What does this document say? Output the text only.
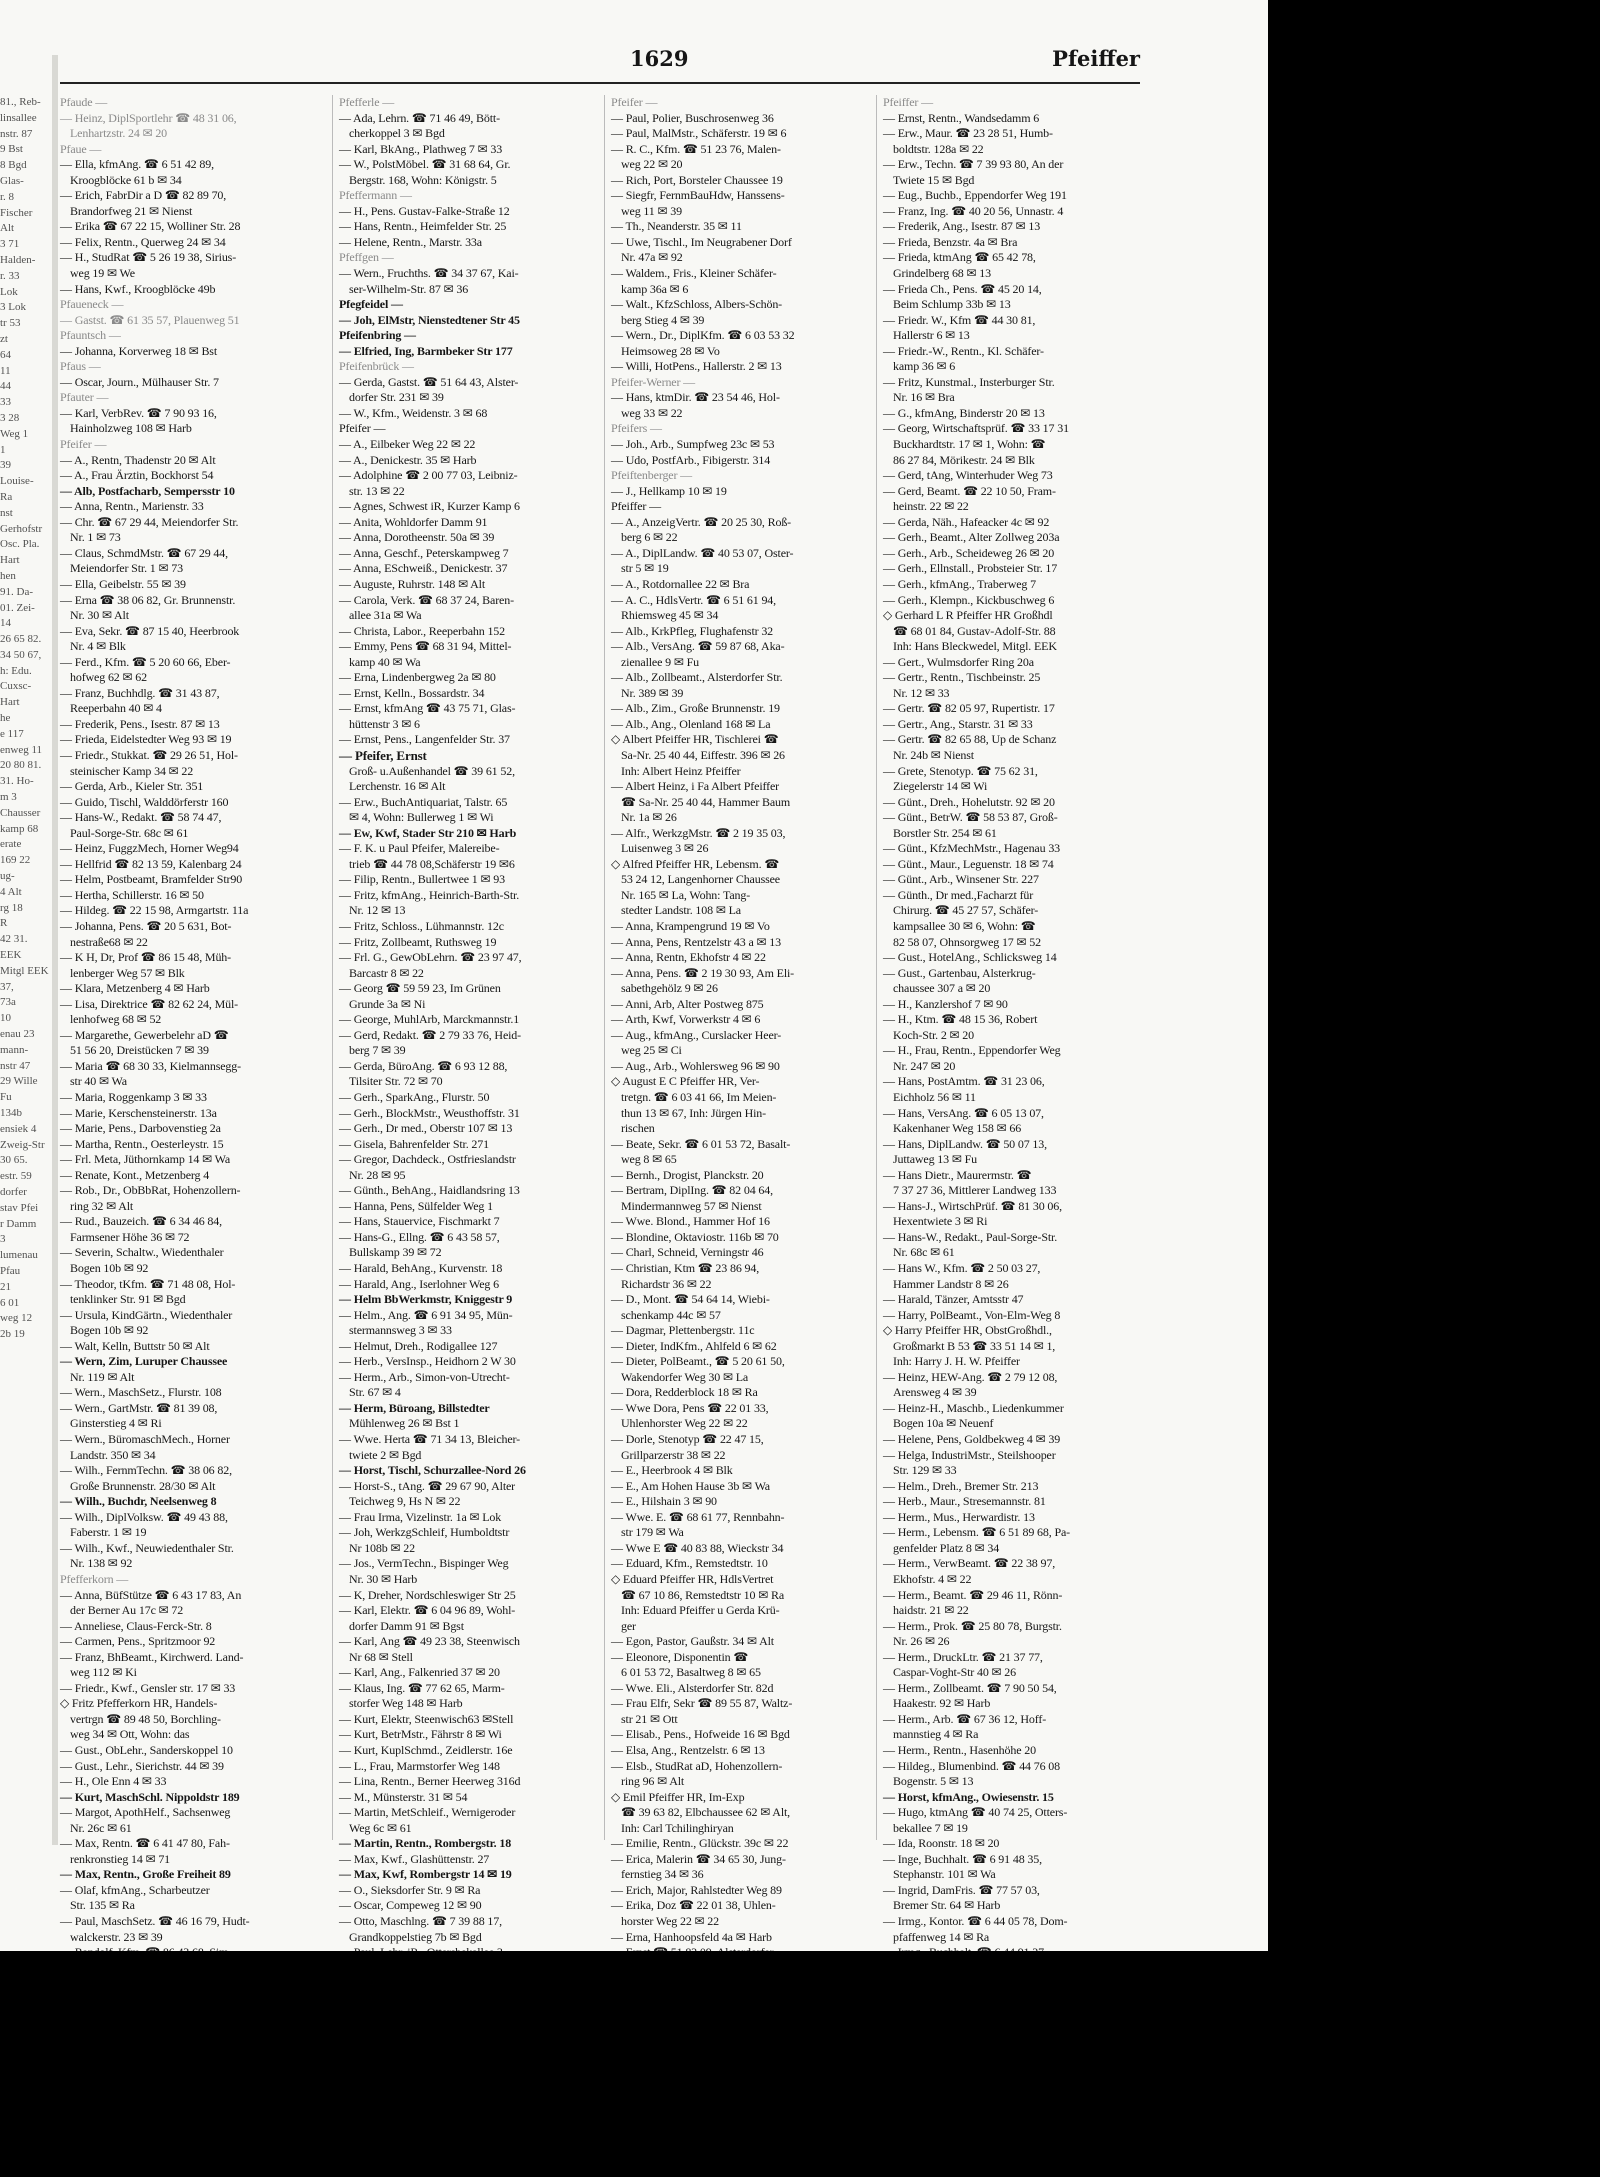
81., Reb-
linsallee
nstr. 87
9 Bst
8 Bgd
Glas-
r. 8
Fischer
Alt
3 71
Halden-
r. 33
Lok
3 Lok
tr 53
zt
64
11
44
33
3 28
Weg 1
1
39
Louise-
Ra
nst
Gerhofstr
Osc. Pla.
Hart
hen
91. Da-
01. Zei-
14
26 65 82.
34 50 67,
h: Edu.
Cuxsc-
Hart
he
e 117
enweg 11
20 80 81.
31. Ho-
m 3
Chausser
kamp 68
erate
169 22
ug-
4 Alt
rg 18
R
42 31.
EEK
Mitgl EEK
37,
73a
10
enau 23
mann-
nstr 47
29 Wille
Fu
134b
ensiek 4
Zweig-Str
30 65.
estr. 59
dorfer
stav Pfei
r Damm
3
lumenau
Pfau
21
6 01
weg 12
2b 19
1629	Pfeiffer
Pfaude —
— Heinz, DiplSportlehr ☎ 48 31 06,
Lenhartzstr. 24 ✉ 20
Pfaue —
— Ella, kfmAng. ☎ 6 51 42 89,
Kroogblöcke 61 b ✉ 34
— Erich, FabrDir a D ☎ 82 89 70,
Brandorfweg 21 ✉ Nienst
— Erika ☎ 67 22 15, Wolliner Str. 28
— Felix, Rentn., Querweg 24 ✉ 34
— H., StudRat ☎ 5 26 19 38, Sirius-
weg 19 ✉ We
— Hans, Kwf., Kroogblöcke 49b
Pfaueneck —
— Gastst. ☎ 61 35 57, Plauenweg 51
Pfauntsch —
— Johanna, Korverweg 18 ✉ Bst
Pfaus —
— Oscar, Journ., Mülhauser Str. 7
Pfauter —
— Karl, VerbRev. ☎ 7 90 93 16,
Hainholzweg 108 ✉ Harb
Pfeifer —
— A., Rentn, Thadenstr 20 ✉ Alt
— A., Frau Ärztin, Bockhorst 54
— Alb, Postfacharb, Sempersstr 10
— Anna, Rentn., Marienstr. 33
— Chr. ☎ 67 29 44, Meiendorfer Str.
Nr. 1 ✉ 73
— Claus, SchmdMstr. ☎ 67 29 44,
Meiendorfer Str. 1 ✉ 73
— Ella, Geibelstr. 55 ✉ 39
— Erna ☎ 38 06 82, Gr. Brunnenstr.
Nr. 30 ✉ Alt
— Eva, Sekr. ☎ 87 15 40, Heerbrook
Nr. 4 ✉ Blk
— Ferd., Kfm. ☎ 5 20 60 66, Eber-
hofweg 62 ✉ 62
— Franz, Buchhdlg. ☎ 31 43 87,
Reeperbahn 40 ✉ 4
— Frederik, Pens., Isestr. 87 ✉ 13
— Frieda, Eidelstedter Weg 93 ✉ 19
— Friedr., Stukkat. ☎ 29 26 51, Hol-
steinischer Kamp 34 ✉ 22
— Gerda, Arb., Kieler Str. 351
— Guido, Tischl, Walddörferstr 160
— Hans-W., Redakt. ☎ 58 74 47,
Paul-Sorge-Str. 68c ✉ 61
— Heinz, FuggzMech, Horner Weg94
— Hellfrid ☎ 82 13 59, Kalenbarg 24
— Helm, Postbeamt, Bramfelder Str90
— Hertha, Schillerstr. 16 ✉ 50
— Hildeg. ☎ 22 15 98, Armgartstr. 11a
— Johanna, Pens. ☎ 20 5 631, Bot-
nestraße68 ✉ 22
— K H, Dr, Prof ☎ 86 15 48, Müh-
lenberger Weg 57 ✉ Blk
— Klara, Metzenberg 4 ✉ Harb
— Lisa, Direktrice ☎ 82 62 24, Mül-
lenhofweg 68 ✉ 52
— Margarethe, Gewerbelehr aD ☎
51 56 20, Dreistücken 7 ✉ 39
— Maria ☎ 68 30 33, Kielmannsegg-
str 40 ✉ Wa
— Maria, Roggenkamp 3 ✉ 33
— Marie, Kerschensteinerstr. 13a
— Marie, Pens., Darbovenstieg 2a
— Martha, Rentn., Oesterleystr. 15
— Frl. Meta, Jüthornkamp 14 ✉ Wa
— Renate, Kont., Metzenberg 4
— Rob., Dr., ObBbRat, Hohenzollern-
ring 32 ✉ Alt
— Rud., Bauzeich. ☎ 6 34 46 84,
Farmsener Höhe 36 ✉ 72
— Severin, Schaltw., Wiedenthaler
Bogen 10b ✉ 92
— Theodor, tKfm. ☎ 71 48 08, Hol-
tenklinker Str. 91 ✉ Bgd
— Ursula, KindGärtn., Wiedenthaler
Bogen 10b ✉ 92
— Walt, Kelln, Buttstr 50 ✉ Alt
— Wern, Zim, Luruper Chaussee
Nr. 119 ✉ Alt
— Wern., MaschSetz., Flurstr. 108
— Wern., GartMstr. ☎ 81 39 08,
Ginsterstieg 4 ✉ Ri
— Wern., BüromaschMech., Horner
Landstr. 350 ✉ 34
— Wilh., FernmTechn. ☎ 38 06 82,
Große Brunnenstr. 28/30 ✉ Alt
— Wilh., Buchdr, Neelsenweg 8
— Wilh., DiplVolksw. ☎ 49 43 88,
Faberstr. 1 ✉ 19
— Wilh., Kwf., Neuwiedenthaler Str.
Nr. 138 ✉ 92
Pfefferkorn —
— Anna, BüfStütze ☎ 6 43 17 83, An
der Berner Au 17c ✉ 72
— Anneliese, Claus-Ferck-Str. 8
— Carmen, Pens., Spritzmoor 92
— Franz, BhBeamt., Kirchwerd. Land-
weg 112 ✉ Ki
— Friedr., Kwf., Gensler str. 17 ✉ 33
◇ Fritz Pfefferkorn HR, Handels-
vertrgn ☎ 89 48 50, Borchling-
weg 34 ✉ Ott, Wohn: das
— Gust., ObLehr., Sanderskoppel 10
— Gust., Lehr., Sierichstr. 44 ✉ 39
— H., Ole Enn 4 ✉ 33
— Kurt, MaschSchl. Nippoldstr 189
— Margot, ApothHelf., Sachsenweg
Nr. 26c ✉ 61
— Max, Rentn. ☎ 6 41 47 80, Fah-
renkronstieg 14 ✉ 71
— Max, Rentn., Große Freiheit 89
— Olaf, kfmAng., Scharbeutzer
Str. 135 ✉ Ra
— Paul, MaschSetz. ☎ 46 16 79, Hudt-
walckerstr. 23 ✉ 39
Pfefferle —
— Ada, Lehrn. ☎ 71 46 49, Bött-
cherkoppel 3 ✉ Bgd
— Karl, BkAng., Plathweg 7 ✉ 33
— W., PolstMöbel. ☎ 31 68 64, Gr.
Bergstr. 168, Wohn: Königstr. 5
Pfeffermann —
— H., Pens. Gustav-Falke-Straße 12
— Hans, Rentn., Heimfelder Str. 25
— Helene, Rentn., Marstr. 33a
Pfeffgen —
— Wern., Fruchths. ☎ 34 37 67, Kai-
ser-Wilhelm-Str. 87 ✉ 36
Pfegfeidel —
— Joh, ElMstr, Nienstedtener Str 45
Pfeifenbring —
— Elfried, Ing, Barmbeker Str 177
Pfeifenbrück —
— Gerda, Gastst. ☎ 51 64 43, Alster-
dorfer Str. 231 ✉ 39
— W., Kfm., Weidenstr. 3 ✉ 68
Pfeifer —
— A., Eilbeker Weg 22 ✉ 22
— A., Denickestr. 35 ✉ Harb
— Adolphine ☎ 2 00 77 03, Leibniz-
str. 13 ✉ 22
— Agnes, Schwest iR, Kurzer Kamp 6
— Anita, Wohldorfer Damm 91
— Anna, Dorotheenstr. 50a ✉ 39
— Anna, Geschf., Peterskampweg 7
— Anna, ESchweiß., Denickestr. 37
— Auguste, Ruhrstr. 148 ✉ Alt
— Carola, Verk. ☎ 68 37 24, Baren-
allee 31a ✉ Wa
— Christa, Labor., Reeperbahn 152
— Emmy, Pens ☎ 68 31 94, Mittel-
kamp 40 ✉ Wa
— Erna, Lindenbergweg 2a ✉ 80
— Ernst, Kelln., Bossardstr. 34
— Ernst, kfmAng ☎ 43 75 71, Glas-
hüttenstr 3 ✉ 6
— Ernst, Pens., Langenfelder Str. 37
— Pfeifer, Ernst
Groß- u.Außenhandel ☎ 39 61 52,
Lerchenstr. 16 ✉ Alt
— Erw., BuchAntiquariat, Talstr. 65
✉ 4, Wohn: Bullerweg 1 ✉ Wi
— Ew, Kwf, Stader Str 210 ✉ Harb
— F. K. u Paul Pfeifer, Malereibe-
trieb ☎ 44 78 08,Schäferstr 19 ✉6
— Filip, Rentn., Bullertwee 1 ✉ 93
— Fritz, kfmAng., Heinrich-Barth-Str.
Nr. 12 ✉ 13
— Fritz, Schloss., Lühmannstr. 12c
— Fritz, Zollbeamt, Ruthsweg 19
— Frl. G., GewObLehrn. ☎ 23 97 47,
Barcastr 8 ✉ 22
— Georg ☎ 59 59 23, Im Grünen
Grunde 3a ✉ Ni
— George, MuhlArb, Marckmannstr.1
— Gerd, Redakt. ☎ 2 79 33 76, Heid-
berg 7 ✉ 39
— Gerda, BüroAng. ☎ 6 93 12 88,
Tilsiter Str. 72 ✉ 70
— Gerh., SparkAng., Flurstr. 50
— Gerh., BlockMstr., Weusthoffstr. 31
— Gerh., Dr med., Oberstr 107 ✉ 13
— Gisela, Bahrenfelder Str. 271
— Gregor, Dachdeck., Ostfrieslandstr
Nr. 28 ✉ 95
— Günth., BehAng., Haidlandsring 13
— Hanna, Pens, Sülfelder Weg 1
— Hans, Stauervice, Fischmarkt 7
— Hans-G., Ellng. ☎ 6 43 58 57,
Bullskamp 39 ✉ 72
— Harald, BehAng., Kurvenstr. 18
— Harald, Ang., Iserlohner Weg 6
— Helm BbWerkmstr, Kniggestr 9
— Helm., Ang. ☎ 6 91 34 95, Mün-
stermannsweg 3 ✉ 33
— Helmut, Dreh., Rodigallee 127
— Herb., VersInsp., Heidhorn 2 W 30
— Herm., Arb., Simon-von-Utrecht-
Str. 67 ✉ 4
— Herm, Büroang, Billstedter
Mühlenweg 26 ✉ Bst 1
— Wwe. Herta ☎ 71 34 13, Bleicher-
twiete 2 ✉ Bgd
— Horst, Tischl, Schurzallee-Nord 26
— Horst-S., tAng. ☎ 29 67 90, Alter
Teichweg 9, Hs N ✉ 22
— Frau Irma, Vizelinstr. 1a ✉ Lok
— Joh, WerkzgSchleif, Humboldtstr
Nr 108b ✉ 22
— Jos., VermTechn., Bispinger Weg
Nr. 30 ✉ Harb
— K, Dreher, Nordschleswiger Str 25
— Karl, Elektr. ☎ 6 04 96 89, Wohl-
dorfer Damm 91 ✉ Bgst
— Karl, Ang ☎ 49 23 38, Steenwisch
Nr 68 ✉ Stell
— Karl, Ang., Falkenried 37 ✉ 20
— Klaus, Ing. ☎ 77 62 65, Marm-
storfer Weg 148 ✉ Harb
— Kurt, Elektr, Steenwisch63 ✉Stell
— Kurt, BetrMstr., Fährstr 8 ✉ Wi
— Kurt, KuplSchmd., Zeidlerstr. 16e
— L., Frau, Marmstorfer Weg 148
— Lina, Rentn., Berner Heerweg 316d
— M., Münsterstr. 31 ✉ 54
— Martin, MetSchleif., Wernigeroder
Weg 6c ✉ 61
— Martin, Rentn., Rombergstr. 18
— Max, Kwf., Glashüttenstr. 27
— Max, Kwf, Rombergstr 14 ✉ 19
— O., Sieksdorfer Str. 9 ✉ Ra
— Oscar, Compeweg 12 ✉ 90
— Otto, Maschlng. ☎ 7 39 88 17,
Grandkoppelstieg 7b ✉ Bgd
Pfeifer —
— Paul, Polier, Buschrosenweg 36
— Paul, MalMstr., Schäferstr. 19 ✉ 6
— R. C., Kfm. ☎ 51 23 76, Malen-
weg 22 ✉ 20
— Rich, Port, Borsteler Chaussee 19
— Siegfr, FernmBauHdw, Hanssens-
weg 11 ✉ 39
— Th., Neanderstr. 35 ✉ 11
— Uwe, Tischl., Im Neugrabener Dorf
Nr. 47a ✉ 92
— Waldem., Fris., Kleiner Schäfer-
kamp 36a ✉ 6
— Walt., KfzSchloss, Albers-Schön-
berg Stieg 4 ✉ 39
— Wern., Dr., DiplKfm. ☎ 6 03 53 32
Heimsoweg 28 ✉ Vo
— Willi, HotPens., Hallerstr. 2 ✉ 13
Pfeifer-Werner —
— Hans, ktmDir. ☎ 23 54 46, Hol-
weg 33 ✉ 22
Pfeifers —
— Joh., Arb., Sumpfweg 23c ✉ 53
— Udo, PostfArb., Fibigerstr. 314
Pfeiftenberger —
— J., Hellkamp 10 ✉ 19
Pfeiffer —
— A., AnzeigVertr. ☎ 20 25 30, Roß-
berg 6 ✉ 22
— A., DiplLandw. ☎ 40 53 07, Oster-
str 5 ✉ 19
— A., Rotdornallee 22 ✉ Bra
— A. C., HdlsVertr. ☎ 6 51 61 94,
Rhiemsweg 45 ✉ 34
— Alb., KrkPfleg, Flughafenstr 32
— Alb., VersAng. ☎ 59 87 68, Aka-
zienallee 9 ✉ Fu
— Alb., Zollbeamt., Alsterdorfer Str.
Nr. 389 ✉ 39
— Alb., Zim., Große Brunnenstr. 19
— Alb., Ang., Olenland 168 ✉ La
◇ Albert Pfeiffer HR, Tischlerei ☎
Sa-Nr. 25 40 44, Eiffestr. 396 ✉ 26
Inh: Albert Heinz Pfeiffer
— Albert Heinz, i Fa Albert Pfeiffer
☎ Sa-Nr. 25 40 44, Hammer Baum
Nr. 1a ✉ 26
— Alfr., WerkzgMstr. ☎ 2 19 35 03,
Luisenweg 3 ✉ 26
◇ Alfred Pfeiffer HR, Lebensm. ☎
53 24 12, Langenhorner Chaussee
Nr. 165 ✉ La, Wohn: Tang-
stedter Landstr. 108 ✉ La
— Anna, Krampengrund 19 ✉ Vo
— Anna, Pens, Rentzelstr 43 a ✉ 13
— Anna, Rentn, Ekhofstr 4 ✉ 22
— Anna, Pens. ☎ 2 19 30 93, Am Eli-
sabethgehölz 9 ✉ 26
— Anni, Arb, Alter Postweg 875
— Arth, Kwf, Vorwerkstr 4 ✉ 6
— Aug., kfmAng., Curslacker Heer-
weg 25 ✉ Ci
— Aug., Arb., Wohlersweg 96 ✉ 90
◇ August E C Pfeiffer HR, Ver-
tretgn. ☎ 6 03 41 66, Im Meien-
thun 13 ✉ 67, Inh: Jürgen Hin-
rischen
— Beate, Sekr. ☎ 6 01 53 72, Basalt-
weg 8 ✉ 65
— Bernh., Drogist, Planckstr. 20
— Bertram, DiplIng. ☎ 82 04 64,
Mindermannweg 57 ✉ Nienst
— Wwe. Blond., Hammer Hof 16
— Blondine, Oktaviostr. 116b ✉ 70
— Charl, Schneid, Verningstr 46
— Christian, Ktm ☎ 23 86 94,
Richardstr 36 ✉ 22
— D., Mont. ☎ 54 64 14, Wiebi-
schenkamp 44c ✉ 57
— Dagmar, Plettenbergstr. 11c
— Dieter, IndKfm., Ahlfeld 6 ✉ 62
— Dieter, PolBeamt., ☎ 5 20 61 50,
Wakendorfer Weg 30 ✉ La
— Dora, Redderblock 18 ✉ Ra
— Wwe Dora, Pens ☎ 22 01 33,
Uhlenhorster Weg 22 ✉ 22
— Dorle, Stenotyp ☎ 22 47 15,
Grillparzerstr 38 ✉ 22
— E., Heerbrook 4 ✉ Blk
— E., Am Hohen Hause 3b ✉ Wa
— E., Hilshain 3 ✉ 90
— Wwe. E. ☎ 68 61 77, Rennbahn-
str 179 ✉ Wa
— Wwe E ☎ 40 83 88, Wieckstr 34
— Eduard, Kfm., Remstedtstr. 10
◇ Eduard Pfeiffer HR, HdlsVertret
☎ 67 10 86, Remstedtstr 10 ✉ Ra
Inh: Eduard Pfeiffer u Gerda Krü-
ger
— Egon, Pastor, Gaußstr. 34 ✉ Alt
— Eleonore, Disponentin ☎
6 01 53 72, Basaltweg 8 ✉ 65
— Wwe. Eli., Alsterdorfer Str. 82d
— Frau Elfr, Sekr ☎ 89 55 87, Waltz-
str 21 ✉ Ott
— Elisab., Pens., Hofweide 16 ✉ Bgd
— Elsa, Ang., Rentzelstr. 6 ✉ 13
— Elsb., StudRat aD, Hohenzollern-
ring 96 ✉ Alt
◇ Emil Pfeiffer HR, Im-Exp
☎ 39 63 82, Elbchaussee 62 ✉ Alt,
Inh: Carl Tchilinghiryan
— Emilie, Rentn., Glückstr. 39c ✉ 22
— Erica, Malerin ☎ 34 65 30, Jung-
fernstieg 34 ✉ 36
— Erich, Major, Rahlstedter Weg 89
— Erika, Doz ☎ 22 01 38, Uhlen-
horster Weg 22 ✉ 22
— Erna, Hanhoopsfeld 4a ✉ Harb
Pfeiffer —
— Ernst, Rentn., Wandsedamm 6
— Erw., Maur. ☎ 23 28 51, Humb-
boldtstr. 128a ✉ 22
— Erw., Techn. ☎ 7 39 93 80, An der
Twiete 15 ✉ Bgd
— Eug., Buchb., Eppendorfer Weg 191
— Franz, Ing. ☎ 40 20 56, Unnastr. 4
— Frederik, Ang., Isestr. 87 ✉ 13
— Frieda, Benzstr. 4a ✉ Bra
— Frieda, ktmAng ☎ 65 42 78,
Grindelberg 68 ✉ 13
— Frieda Ch., Pens. ☎ 45 20 14,
Beim Schlump 33b ✉ 13
— Friedr. W., Kfm ☎ 44 30 81,
Hallerstr 6 ✉ 13
— Friedr.-W., Rentn., Kl. Schäfer-
kamp 36 ✉ 6
— Fritz, Kunstmal., Insterburger Str.
Nr. 16 ✉ Bra
— G., kfmAng, Binderstr 20 ✉ 13
— Georg, Wirtschaftsprüf. ☎ 33 17 31
Buckhardtstr. 17 ✉ 1, Wohn: ☎
86 27 84, Mörikestr. 24 ✉ Blk
— Gerd, tAng, Winterhuder Weg 73
— Gerd, Beamt. ☎ 22 10 50, Fram-
heinstr. 22 ✉ 22
— Gerda, Näh., Hafeacker 4c ✉ 92
— Gerh., Beamt., Alter Zollweg 203a
— Gerh., Arb., Scheideweg 26 ✉ 20
— Gerh., Ellnstall., Probsteier Str. 17
— Gerh., kfmAng., Traberweg 7
— Gerh., Klempn., Kickbuschweg 6
◇ Gerhard L R Pfeiffer HR Großhdl
☎ 68 01 84, Gustav-Adolf-Str. 88
Inh: Hans Bleckwedel, Mitgl. EEK
— Gert., Wulmsdorfer Ring 20a
— Gertr., Rentn., Tischbeinstr. 25
Nr. 12 ✉ 33
— Gertr. ☎ 82 05 97, Rupertistr. 17
— Gertr., Ang., Starstr. 31 ✉ 33
— Gertr. ☎ 82 65 88, Up de Schanz
Nr. 24b ✉ Nienst
— Grete, Stenotyp. ☎ 75 62 31,
Ziegelerstr 14 ✉ Wi
— Günt., Dreh., Hohelutstr. 92 ✉ 20
— Günt., BetrW. ☎ 58 53 87, Groß-
Borstler Str. 254 ✉ 61
— Günt., KfzMechMstr., Hagenau 33
— Günt., Maur., Leguenstr. 18 ✉ 74
— Günt., Arb., Winsener Str. 227
— Günth., Dr med.,Facharzt für
Chirurg. ☎ 45 27 57, Schäfer-
kampsallee 30 ✉ 6, Wohn: ☎
82 58 07, Ohnsorgweg 17 ✉ 52
— Gust., HotelAng., Schlicksweg 14
— Gust., Gartenbau, Alsterkrug-
chaussee 307 a ✉ 20
— H., Kanzlershof 7 ✉ 90
— H., Ktm. ☎ 48 15 36, Robert
Koch-Str. 2 ✉ 20
— H., Frau, Rentn., Eppendorfer Weg
Nr. 247 ✉ 20
— Hans, PostAmtm. ☎ 31 23 06,
Eichholz 56 ✉ 11
— Hans, VersAng. ☎ 6 05 13 07,
Kakenhaner Weg 158 ✉ 66
— Hans, DiplLandw. ☎ 50 07 13,
Juttaweg 13 ✉ Fu
— Hans Dietr., Maurermstr. ☎
7 37 27 36, Mittlerer Landweg 133
— Hans-J., WirtschPrüf. ☎ 81 30 06,
Hexentwiete 3 ✉ Ri
— Hans-W., Redakt., Paul-Sorge-Str.
Nr. 68c ✉ 61
— Hans W., Kfm. ☎ 2 50 03 27,
Hammer Landstr 8 ✉ 26
— Harald, Tänzer, Amtsstr 47
— Harry, PolBeamt., Von-Elm-Weg 8
◇ Harry Pfeiffer HR, ObstGroßhdl.,
Großmarkt B 53 ☎ 33 51 14 ✉ 1,
Inh: Harry J. H. W. Pfeiffer
— Heinz, HEW-Ang. ☎ 2 79 12 08,
Arensweg 4 ✉ 39
— Heinz-H., Maschb., Liedenkummer
Bogen 10a ✉ Neuenf
— Helene, Pens, Goldbekweg 4 ✉ 39
— Helga, IndustriMstr., Steilshooper
Str. 129 ✉ 33
— Helm., Dreh., Bremer Str. 213
— Herb., Maur., Stresemannstr. 81
— Herm., Mus., Herwardistr. 13
— Herm., Lebensm. ☎ 6 51 89 68, Pa-
genfelder Platz 8 ✉ 34
— Herm., VerwBeamt. ☎ 22 38 97,
Ekhofstr. 4 ✉ 22
— Herm., Beamt. ☎ 29 46 11, Rönn-
haidstr. 21 ✉ 22
— Herm., Prok. ☎ 25 80 78, Burgstr.
Nr. 26 ✉ 26
— Herm., DruckLtr. ☎ 21 37 77,
Caspar-Voght-Str 40 ✉ 26
— Herm., Zollbeamt. ☎ 7 90 50 54,
Haakestr. 92 ✉ Harb
— Herm., Arb. ☎ 67 36 12, Hoff-
mannstieg 4 ✉ Ra
— Herm., Rentn., Hasenhöhe 20
— Hildeg., Blumenbind. ☎ 44 76 08
Bogenstr. 5 ✉ 13
— Horst, kfmAng., Owiesenstr. 15
— Hugo, ktmAng ☎ 40 74 25, Otters-
bekallee 7 ✉ 19
— Ida, Roonstr. 18 ✉ 20
— Inge, Buchhalt. ☎ 6 91 48 35,
Stephanstr. 101 ✉ Wa
— Ingrid, DamFris. ☎ 77 57 03,
Bremer Str. 64 ✉ Harb
— Irmg., Kontor. ☎ 6 44 05 78, Dom-
pfaffenweg 14 ✉ Ra
